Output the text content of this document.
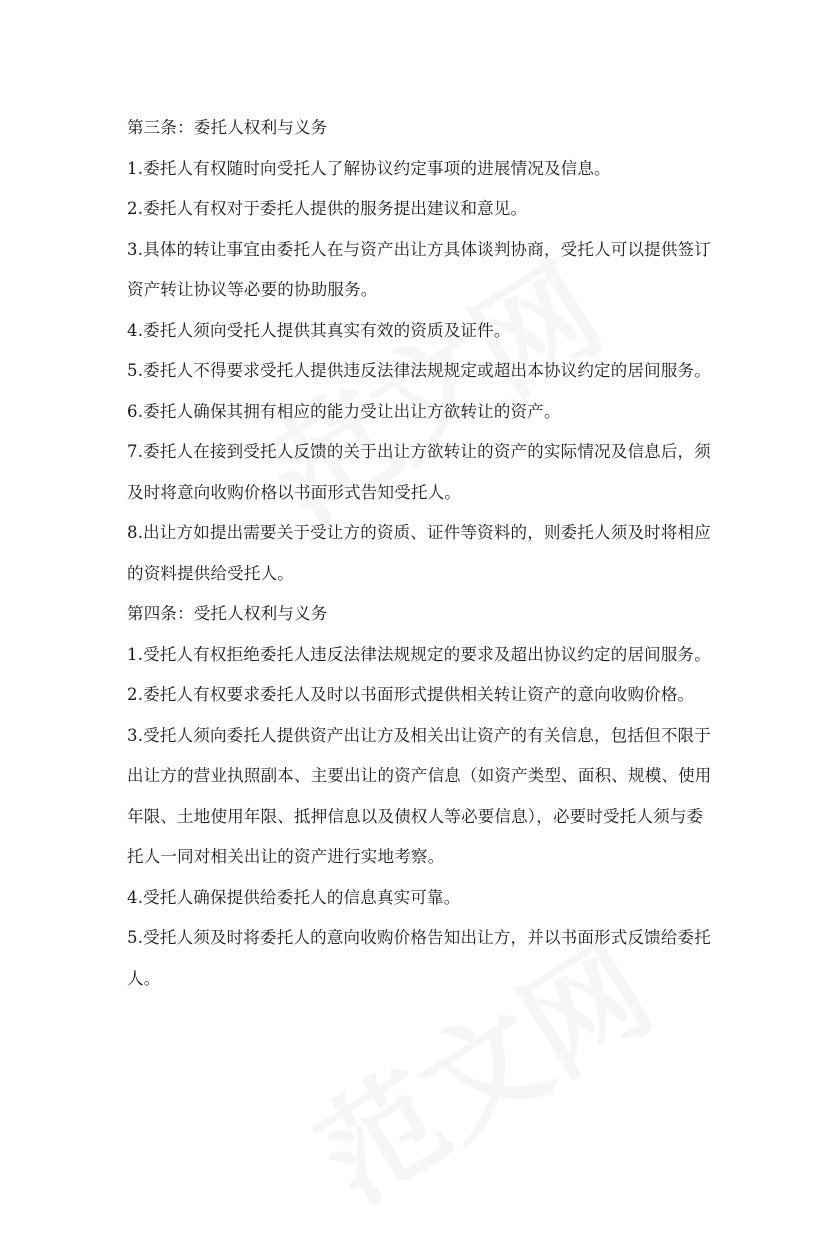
第三条：委托人权利与义务

1.委托人有权随时向受托人了解协议约定事项的进展情况及信息。

2.委托人有权对于委托人提供的服务提出建议和意见。

3.具体的转让事宜由委托人在与资产出让方具体谈判协商，受托人可以提供签订

资产转让协议等必要的协助服务。

4.委托人须向受托人提供其真实有效的资质及证件。

5.委托人不得要求受托人提供违反法律法规规定或超出本协议约定的居间服务。

6.委托人确保其拥有相应的能力受让出让方欲转让的资产。

7.委托人在接到受托人反馈的关于出让方欲转让的资产的实际情况及信息后，须

及时将意向收购价格以书面形式告知受托人。

8.出让方如提出需要关于受让方的资质、证件等资料的，则委托人须及时将相应

的资料提供给受托人。

第四条：受托人权利与义务

1.受托人有权拒绝委托人违反法律法规规定的要求及超出协议约定的居间服务。

2.委托人有权要求委托人及时以书面形式提供相关转让资产的意向收购价格。

3.受托人须向委托人提供资产出让方及相关出让资产的有关信息，包括但不限于

出让方的营业执照副本、主要出让的资产信息（如资产类型、面积、规模、使用

年限、土地使用年限、抵押信息以及债权人等必要信息），必要时受托人须与委

托人一同对相关出让的资产进行实地考察。

4.受托人确保提供给委托人的信息真实可靠。

5.受托人须及时将委托人的意向收购价格告知出让方，并以书面形式反馈给委托

人。
